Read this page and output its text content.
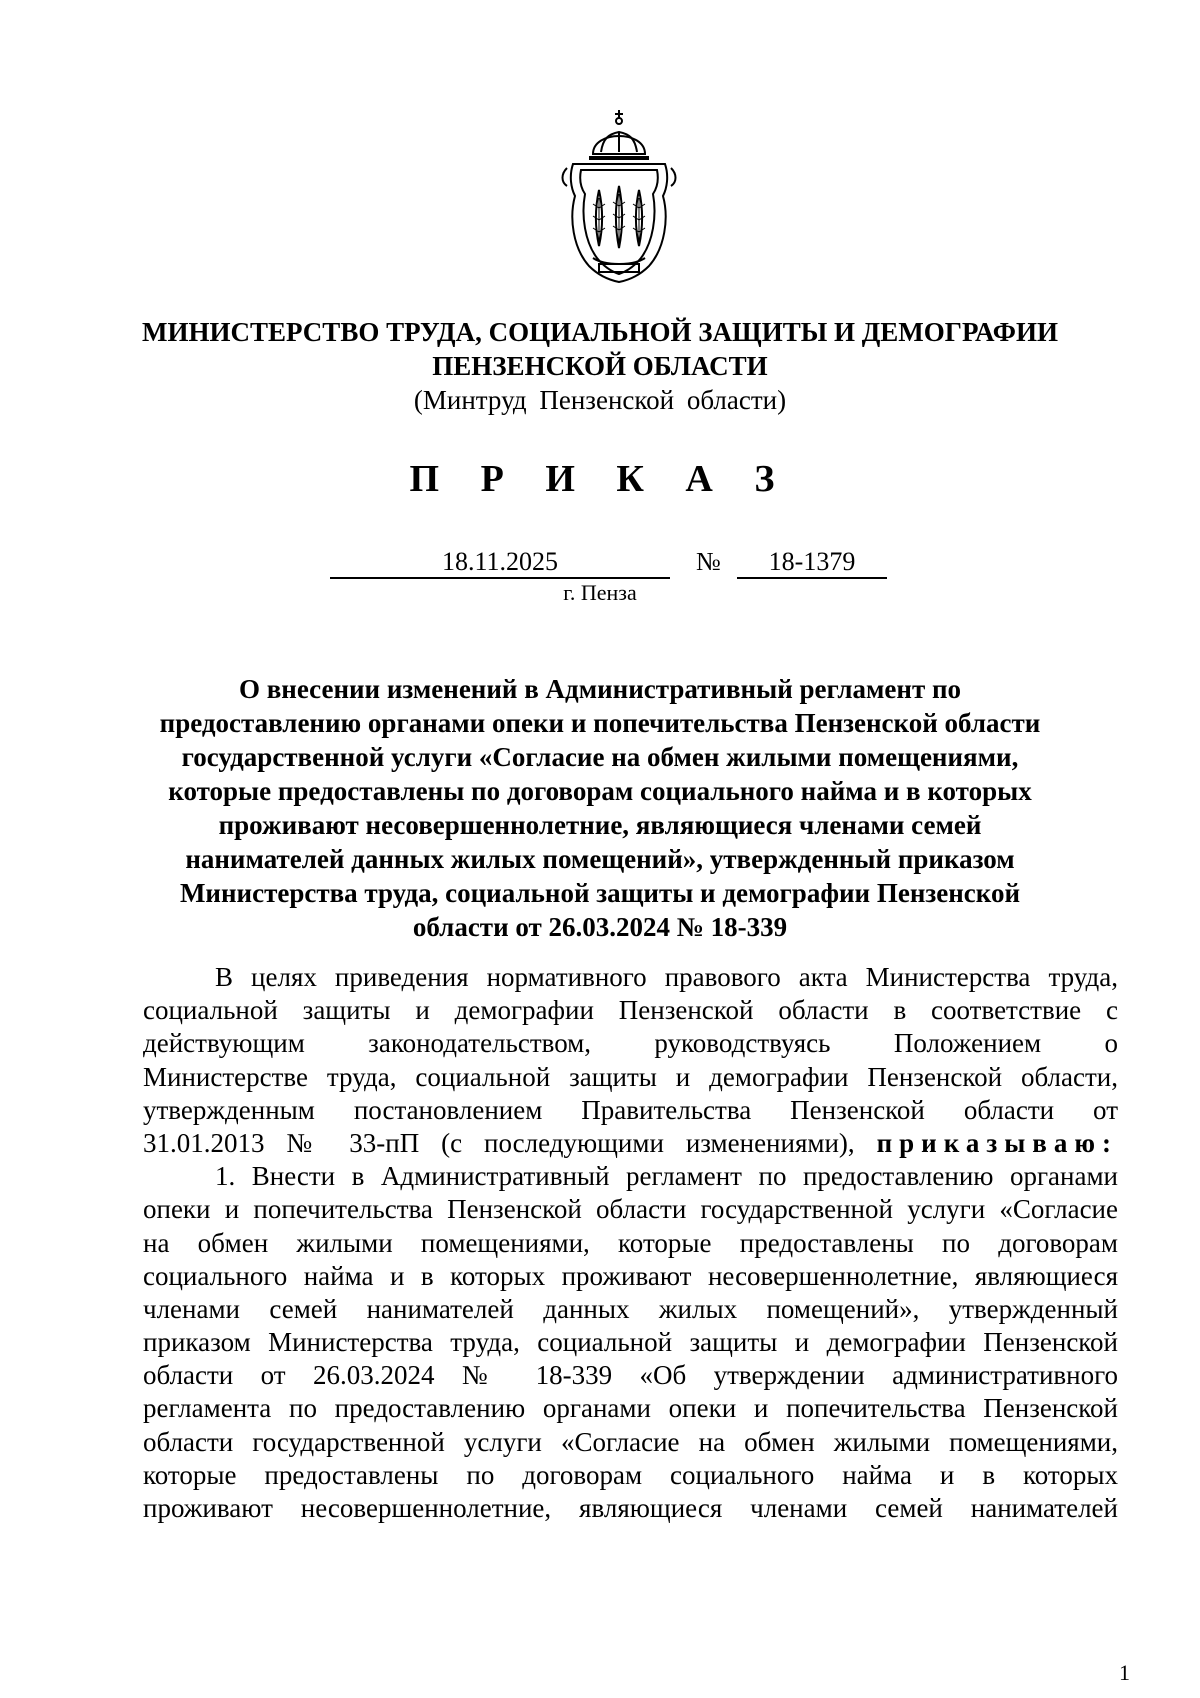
МИНИСТЕРСТВО ТРУДА, СОЦИАЛЬНОЙ ЗАЩИТЫ И ДЕМОГРАФИИ
ПЕНЗЕНСКОЙ ОБЛАСТИ
(Минтруд Пензенской области)
П Р И К А З
18.11.2025	№	18-1379
г. Пенза
О внесении изменений в Административный регламент по
предоставлению органами опеки и попечительства Пензенской области
государственной услуги «Согласие на обмен жилыми помещениями,
которые предоставлены по договорам социального найма и в которых
проживают несовершеннолетние, являющиеся членами семей
нанимателей данных жилых помещений», утвержденный приказом
Министерства труда, социальной защиты и демографии Пензенской
области от 26.03.2024 № 18-339
В целях приведения нормативного правового акта Министерства труда,
социальной защиты и демографии Пензенской области в соответствие с
действующим законодательством, руководствуясь Положением о
Министерстве труда, социальной защиты и демографии Пензенской области,
утвержденным постановлением Правительства Пензенской области от
31.01.2013 № 33-пП (с последующими изменениями), приказываю:
1. Внести в Административный регламент по предоставлению органами
опеки и попечительства Пензенской области государственной услуги «Согласие
на обмен жилыми помещениями, которые предоставлены по договорам
социального найма и в которых проживают несовершеннолетние, являющиеся
членами семей нанимателей данных жилых помещений», утвержденный
приказом Министерства труда, социальной защиты и демографии Пензенской
области от 26.03.2024 № 18-339 «Об утверждении административного
регламента по предоставлению органами опеки и попечительства Пензенской
области государственной услуги «Согласие на обмен жилыми помещениями,
которые предоставлены по договорам социального найма и в которых
проживают несовершеннолетние, являющиеся членами семей нанимателей
1
